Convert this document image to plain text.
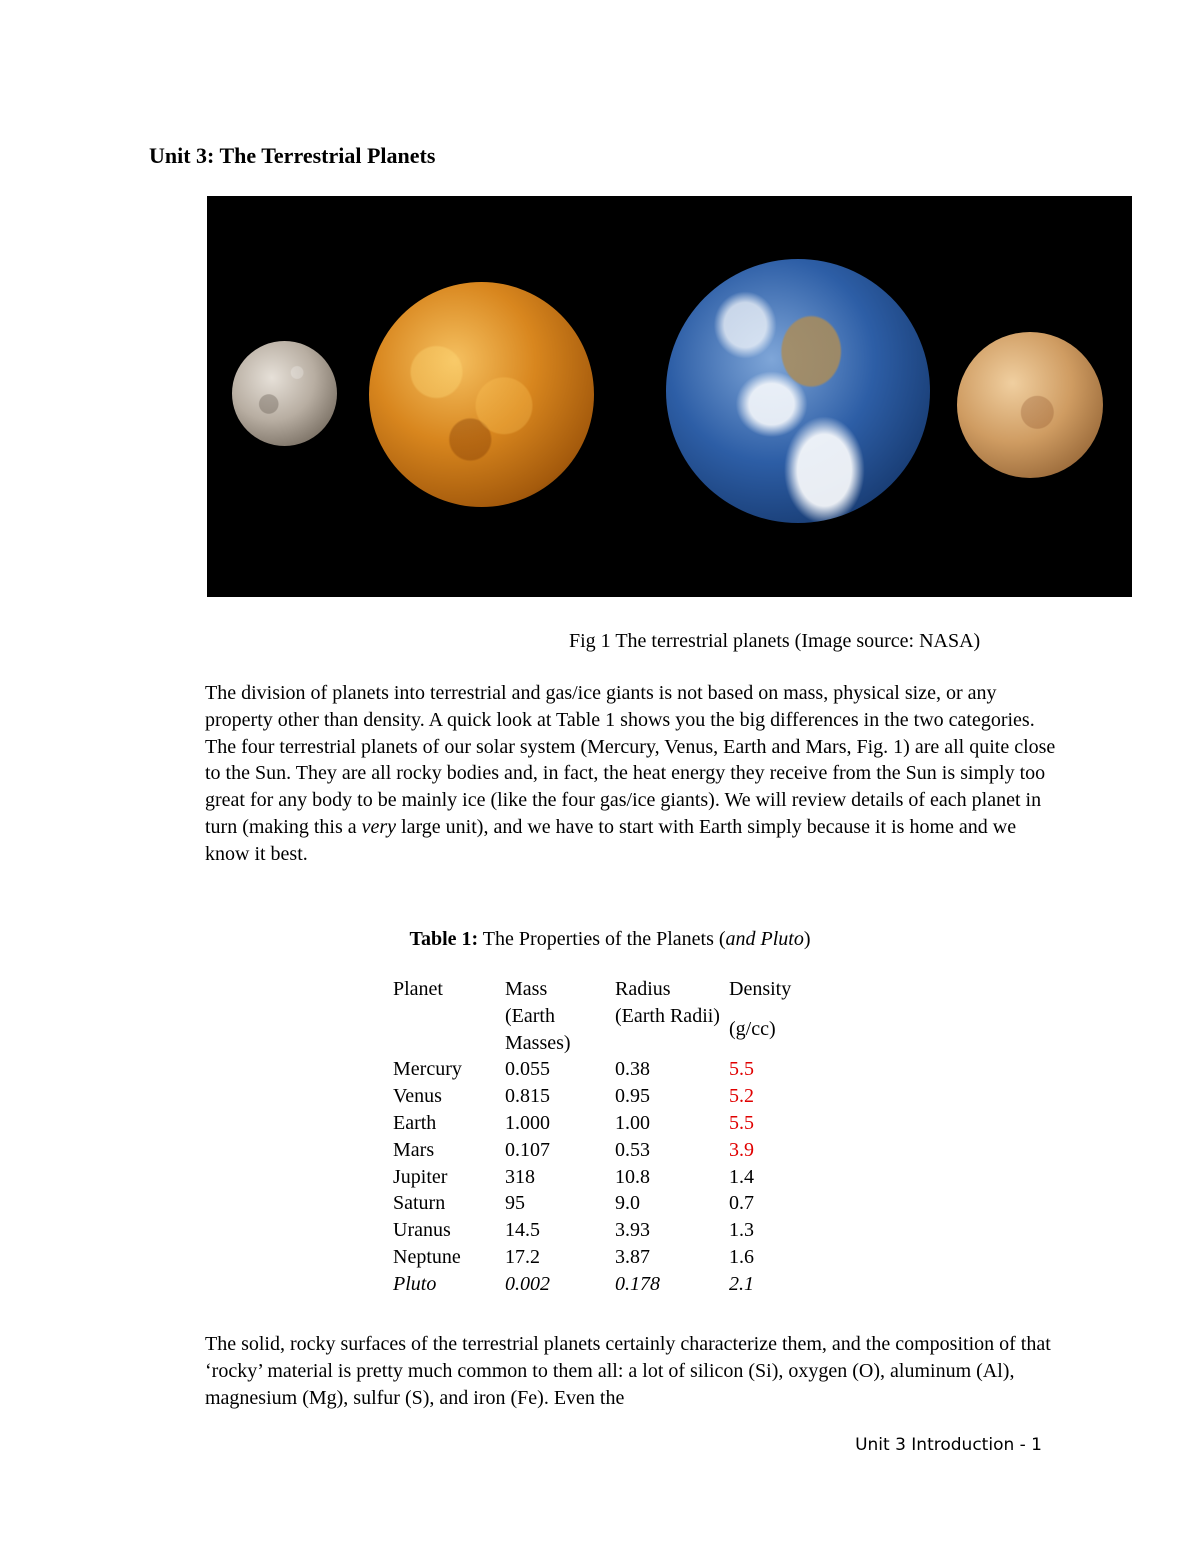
Unit 3: The Terrestrial Planets

Fig 1 The terrestrial planets (Image source: NASA)

The division of planets into terrestrial and gas/ice giants is not based on mass, physical size, or any property other than density. A quick look at Table 1 shows you the big differences in the two categories. The four terrestrial planets of our solar system (Mercury, Venus, Earth and Mars, Fig. 1) are all quite close to the Sun. They are all rocky bodies and, in fact, the heat energy they receive from the Sun is simply too great for any body to be mainly ice (like the four gas/ice giants). We will review details of each planet in turn (making this a very large unit), and we have to start with Earth simply because it is home and we know it best.

Table 1: The Properties of the Planets (and Pluto)

Planet	Mass	Radius	Density
	(Earth Masses)	(Earth Radii)	(g/cc)
Mercury	0.055	0.38	5.5
Venus	0.815	0.95	5.2
Earth	1.000	1.00	5.5
Mars	0.107	0.53	3.9
Jupiter	318	10.8	1.4
Saturn	95	9.0	0.7
Uranus	14.5	3.93	1.3
Neptune	17.2	3.87	1.6
Pluto	0.002	0.178	2.1

The solid, rocky surfaces of the terrestrial planets certainly characterize them, and the composition of that ‘rocky’ material is pretty much common to them all: a lot of silicon (Si), oxygen (O), aluminum (Al), magnesium (Mg), sulfur (S), and iron (Fe). Even the

Unit 3 Introduction - 1
